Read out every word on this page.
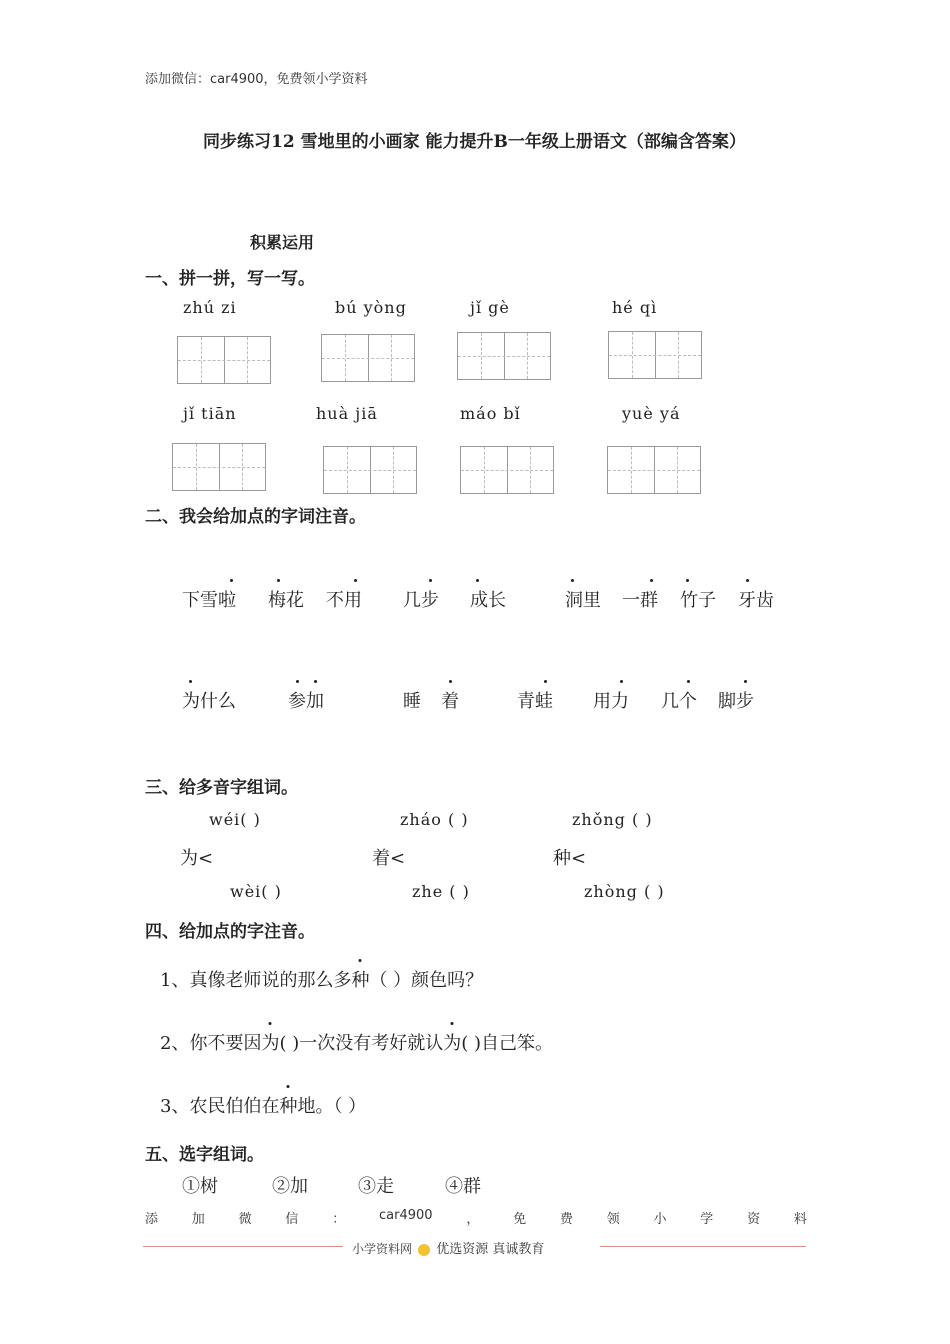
添加微信：car4900，免费领小学资料
同步练习12 雪地里的小画家 能力提升B一年级上册语文（部编含答案）
积累运用
一、拼一拼，写一写。
zhú zi	bú yòng	jǐ gè	hé qì
jǐ tiān	huà jiā	máo bǐ	yuè yá
二、我会给加点的字词注音。
下雪啦 梅花 不用 几步 成长	洞里 一群 竹子 牙齿
为什么	参加	睡 着	青蛙 用力 几个 脚步
三、给多音字组词。
wéi( )	zháo ( )	zhǒng ( )
为<	着<	种<
wèi( )	zhe ( )	zhòng ( )
四、给加点的字注音。
1、真像老师说的那么多种（ ）颜色吗？
2、你不要因为( )一次没有考好就认为( )自己笨。
3、农民伯伯在种地。（ ）
五、选字组词。
①树	②加	③走	④群
添	加	微	信	：	car4900	，	免	费	领	小	学	资	料
小学资料网 优选资源 真诚教育
